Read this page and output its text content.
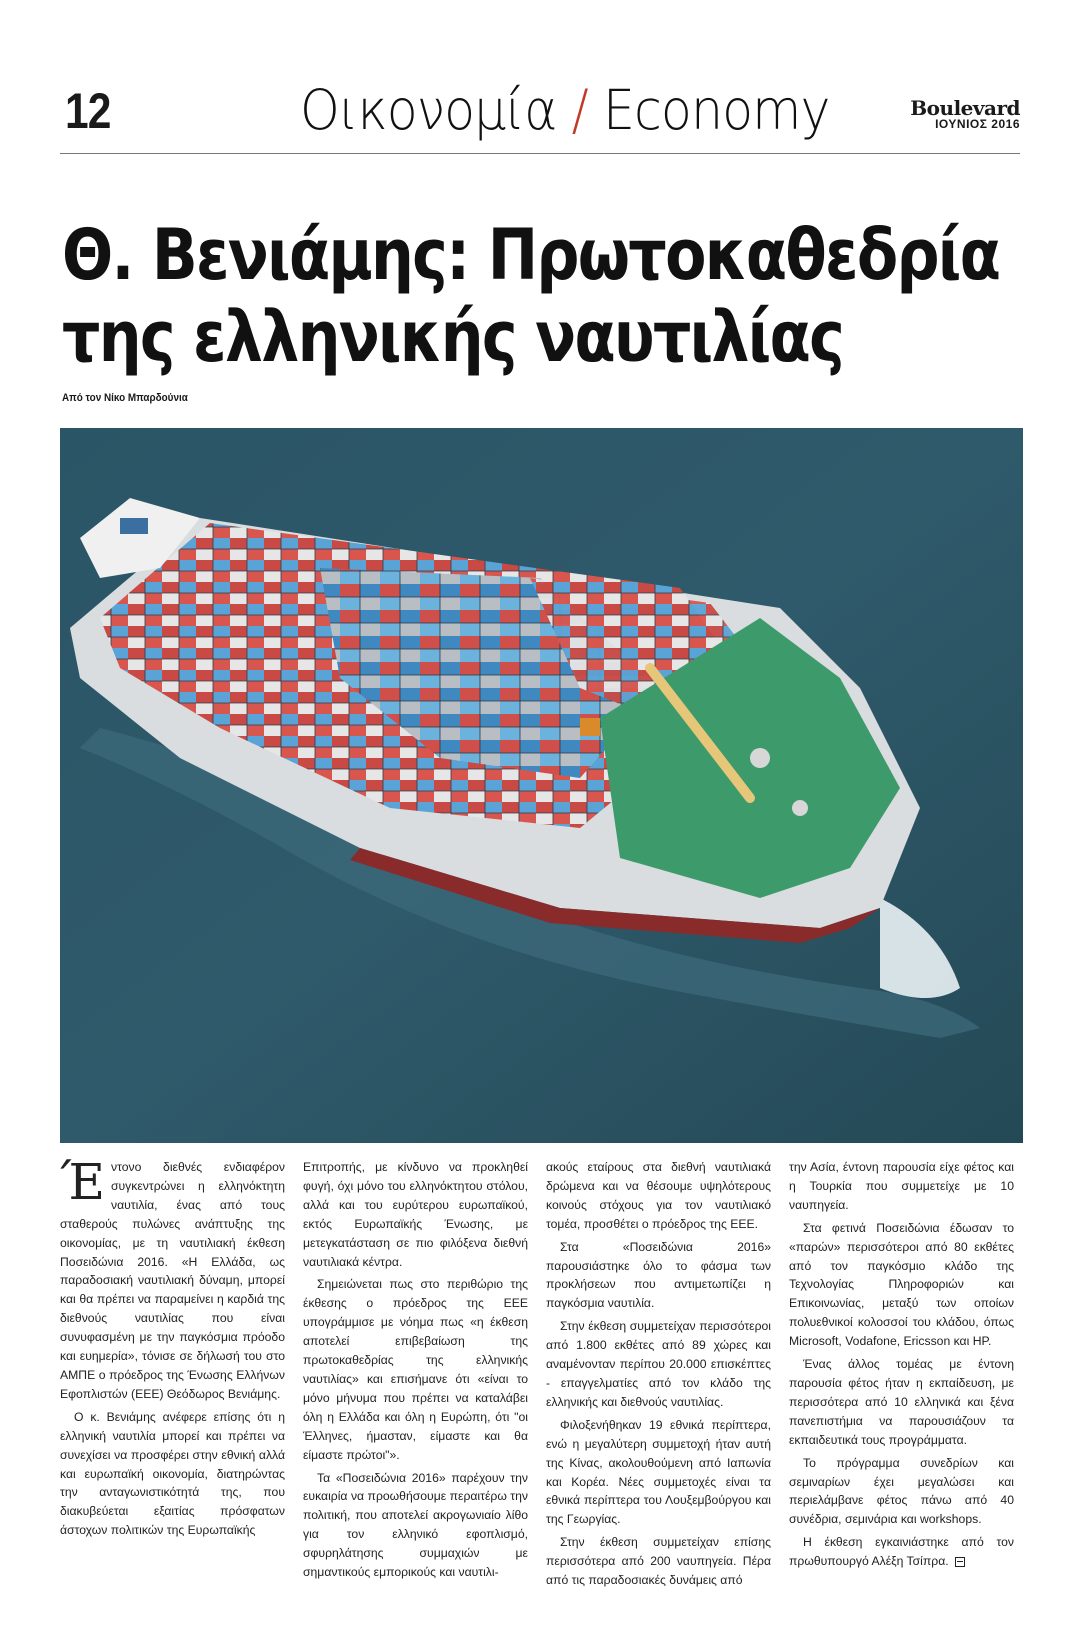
12	Οικονομία / Economy	Boulevard
ΙΟΥΝΙΟΣ 2016
Θ. Βενιάμης: Πρωτοκαθεδρία
της ελληνικής ναυτιλίας
Από τον Νίκο Μπαρδούνια

Έντονο διεθνές ενδιαφέρον συγκεντρώνει η ελληνόκτητη ναυτιλία, ένας από τους σταθερούς πυλώνες ανάπτυξης της οικονομίας, με τη ναυτιλιακή έκθεση Ποσειδώνια 2016. «Η Ελλάδα, ως παραδοσιακή ναυτιλιακή δύναμη, μπορεί και θα πρέπει να παραμείνει η καρδιά της διεθνούς ναυτιλίας που είναι συνυφασμένη με την παγκόσμια πρόοδο και ευημερία», τόνισε σε δήλωσή του στο ΑΜΠΕ ο πρόεδρος της Ένωσης Ελλήνων Εφοπλιστών (ΕΕΕ) Θεόδωρος Βενιάμης.

Ο κ. Βενιάμης ανέφερε επίσης ότι η ελληνική ναυτιλία μπορεί και πρέπει να συνεχίσει να προσφέρει στην εθνική αλλά και ευρωπαϊκή οικονομία, διατηρώντας την ανταγωνιστικότητά της, που διακυβεύεται εξαιτίας πρόσφατων άστοχων πολιτικών της Ευρωπαϊκής

Επιτροπής, με κίνδυνο να προκληθεί φυγή, όχι μόνο του ελληνόκτητου στόλου, αλλά και του ευρύτερου ευρωπαϊκού, εκτός Ευρωπαϊκής Ένωσης, με μετεγκατάσταση σε πιο φιλόξενα διεθνή ναυτιλιακά κέντρα.

Σημειώνεται πως στο περιθώριο της έκθεσης ο πρόεδρος της ΕΕΕ υπογράμμισε με νόημα πως «η έκθεση αποτελεί επιβεβαίωση της πρωτοκαθεδρίας της ελληνικής ναυτιλίας» και επισήμανε ότι «είναι το μόνο μήνυμα που πρέπει να καταλάβει όλη η Ελλάδα και όλη η Ευρώπη, ότι "οι Έλληνες, ήμασταν, είμαστε και θα είμαστε πρώτοι"».

Τα «Ποσειδώνια 2016» παρέχουν την ευκαιρία να προωθήσουμε περαιτέρω την πολιτική, που αποτελεί ακρογωνιαίο λίθο για τον ελληνικό εφοπλισμό, σφυρηλάτησης συμμαχιών με σημαντικούς εμπορικούς και ναυτιλι-

ακούς εταίρους στα διεθνή ναυτιλιακά δρώμενα και να θέσουμε υψηλότερους κοινούς στόχους για τον ναυτιλιακό τομέα, προσθέτει ο πρόεδρος της ΕΕΕ.

Στα «Ποσειδώνια 2016» παρουσιάστηκε όλο το φάσμα των προκλήσεων που αντιμετωπίζει η παγκόσμια ναυτιλία.

Στην έκθεση συμμετείχαν περισσότεροι από 1.800 εκθέτες από 89 χώρες και αναμένονταν περίπου 20.000 επισκέπτες - επαγγελματίες από τον κλάδο της ελληνικής και διεθνούς ναυτιλίας.

Φιλοξενήθηκαν 19 εθνικά περίπτερα, ενώ η μεγαλύτερη συμμετοχή ήταν αυτή της Κίνας, ακολουθούμενη από Ιαπωνία και Κορέα. Νέες συμμετοχές είναι τα εθνικά περίπτερα του Λουξεμβούργου και της Γεωργίας.

Στην έκθεση συμμετείχαν επίσης περισσότερα από 200 ναυπηγεία. Πέρα από τις παραδοσιακές δυνάμεις από

την Ασία, έντονη παρουσία είχε φέτος και η Τουρκία που συμμετείχε με 10 ναυπηγεία.

Στα φετινά Ποσειδώνια έδωσαν το «παρών» περισσότεροι από 80 εκθέτες από τον παγκόσμιο κλάδο της Τεχνολογίας Πληροφοριών και Επικοινωνίας, μεταξύ των οποίων πολυεθνικοί κολοσσοί του κλάδου, όπως Microsoft, Vodafone, Ericsson και HP.

Ένας άλλος τομέας με έντονη παρουσία φέτος ήταν η εκπαίδευση, με περισσότερα από 10 ελληνικά και ξένα πανεπιστήμια να παρουσιάζουν τα εκπαιδευτικά τους προγράμματα.

Το πρόγραμμα συνεδρίων και σεμιναρίων έχει μεγαλώσει και περιελάμβανε φέτος πάνω από 40 συνέδρια, σεμινάρια και workshops.

Η έκθεση εγκαινιάστηκε από τον πρωθυπουργό Αλέξη Τσίπρα.
